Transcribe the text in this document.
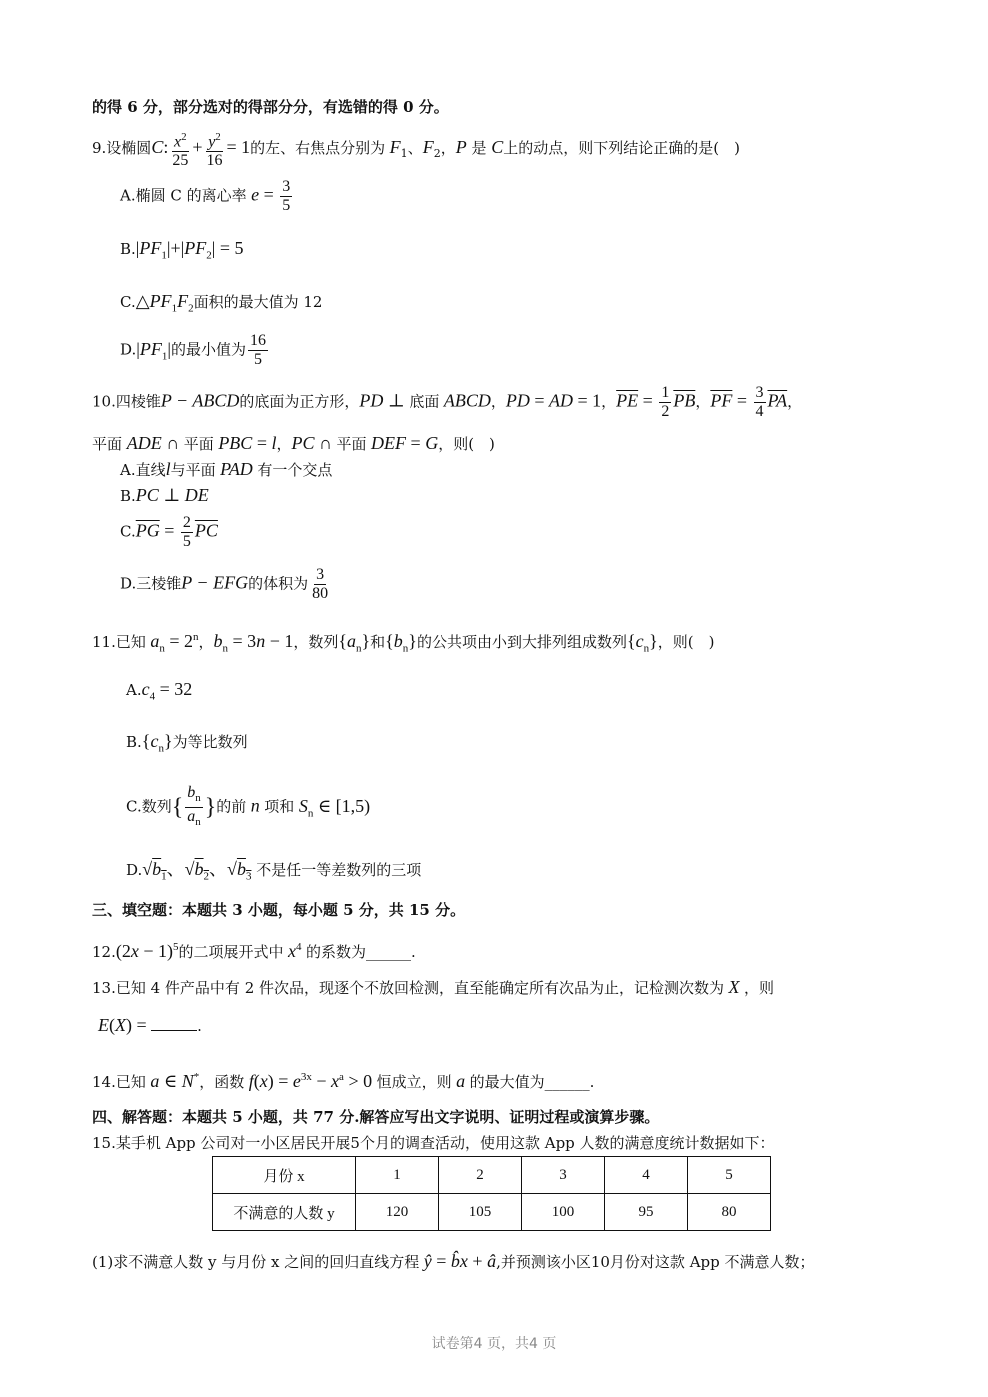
的得 6 分，部分选对的得部分分，有选错的得 0 分。
9.设椭圆C: $\frac{x^2}{25} + \frac{y^2}{16} = 1$的左、右焦点分别为 $F_1$、$F_2$，P 是 C上的动点，则下列结论正确的是(　)
A.椭圆 C 的离心率 $e = \frac{3}{5}$
$B.|PF_1|+|PF_2| = 5$
$C.\triangle PF_1F_2$面积的最大值为 12
$D.|PF_1|$的最小值为 $\frac{16}{5}$
10.四棱锥P − ABCD的底面为正方形，PD ⊥ 底面 ABCD，PD = AD = 1，$\overline{PE} = \frac{1}{2} \overline{PB}$，$\overline{PF} = \frac{3}{4} \overline{PA}$，
平面 ADE ∩ 平面 PBC = l，PC ∩ 平面 DEF = G，则(　)
A.直线l与平面 PAD 有一个交点
B.PC ⊥ DE
$C.\overline{PG} = \frac{2}{5} \overline{PC}$
D.三棱锥P − EFG的体积为 $\frac{3}{80}$
11.已知 $a_n = 2^n$，$b_n = 3n - 1$，数列$\{a_n\}$和$\{b_n\}$的公共项由小到大排列组成数列$\{c_n\}$，则(　)
$A.c_4 = 32$
$B.\{c_n\}$为等比数列
C.数列{ $\frac{b_n}{a_n}$ }的前 n 项和 $S_n$ ∈ [1,5)
$D.√b_1$、$√b_2$、$√b_3$ 不是任一等差数列的三项
三、填空题：本题共 3 小题，每小题 5 分，共 15 分。
$12.(2x - 1)^5$的二项展开式中 $x^4$ 的系数为______.
13.已知 4 件产品中有 2 件次品，现逐个不放回检测，直至能确定所有次品为止，记检测次数为 X ，则
E(X) =	.
14.已知 a ∈ N*，函数 $f(x) = e^{3x} - x^a > 0$ 恒成立，则 a 的最大值为______.
四、解答题：本题共 5 小题，共 77 分.解答应写出文字说明、证明过程或演算步骤。
15.某手机 App 公司对一小区居民开展5个月的调查活动，使用这款 App 人数的满意度统计数据如下：
月份 x	1	2	3	4	5
不满意的人数 y	120	105	100	95	80
(1)求不满意人数 y 与月份 x 之间的回归直线方程 ŷ = b̂x + â,并预测该小区10月份对这款 App 不满意人数；
试卷第4 页，共4 页
